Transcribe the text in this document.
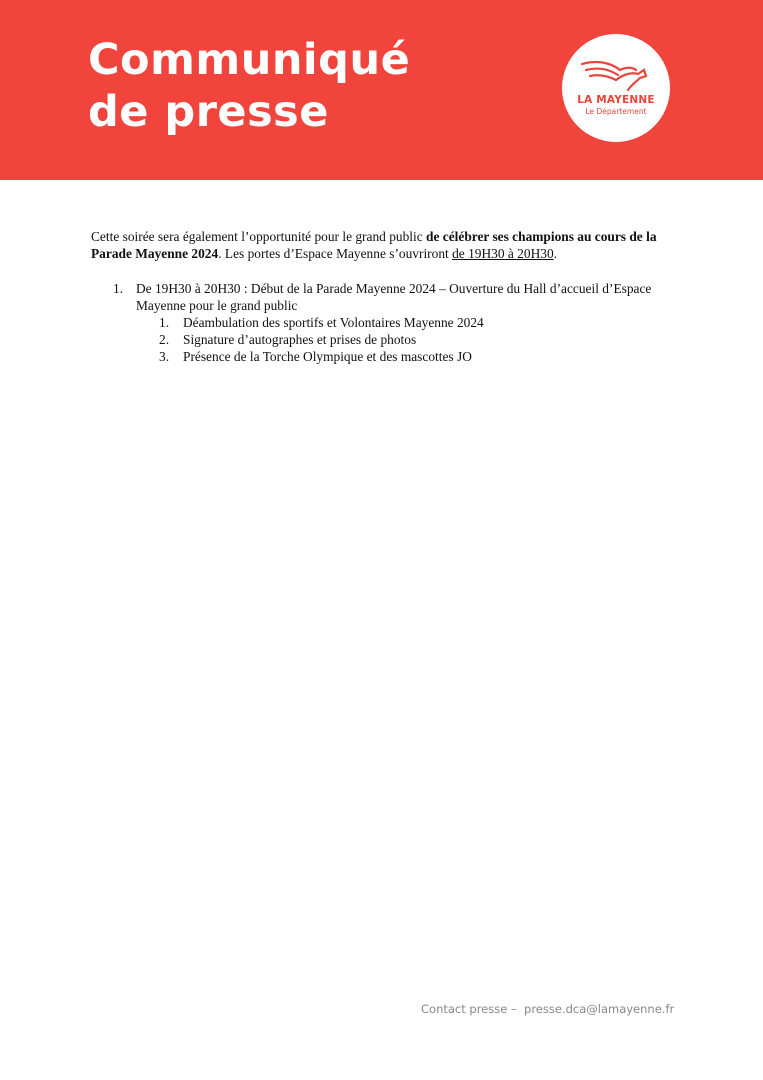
Communiqué
de presse	LA MAYENNE
Le Département

Cette soirée sera également l’opportunité pour le grand public de célébrer ses champions au cours de la Parade Mayenne 2024. Les portes d’Espace Mayenne s’ouvriront de 19H30 à 20H30.

1. De 19H30 à 20H30 : Début de la Parade Mayenne 2024 – Ouverture du Hall d’accueil d’Espace Mayenne pour le grand public
1. Déambulation des sportifs et Volontaires Mayenne 2024
2. Signature d’autographes et prises de photos
3. Présence de la Torche Olympique et des mascottes JO
Contact presse – presse.dca@lamayenne.fr
